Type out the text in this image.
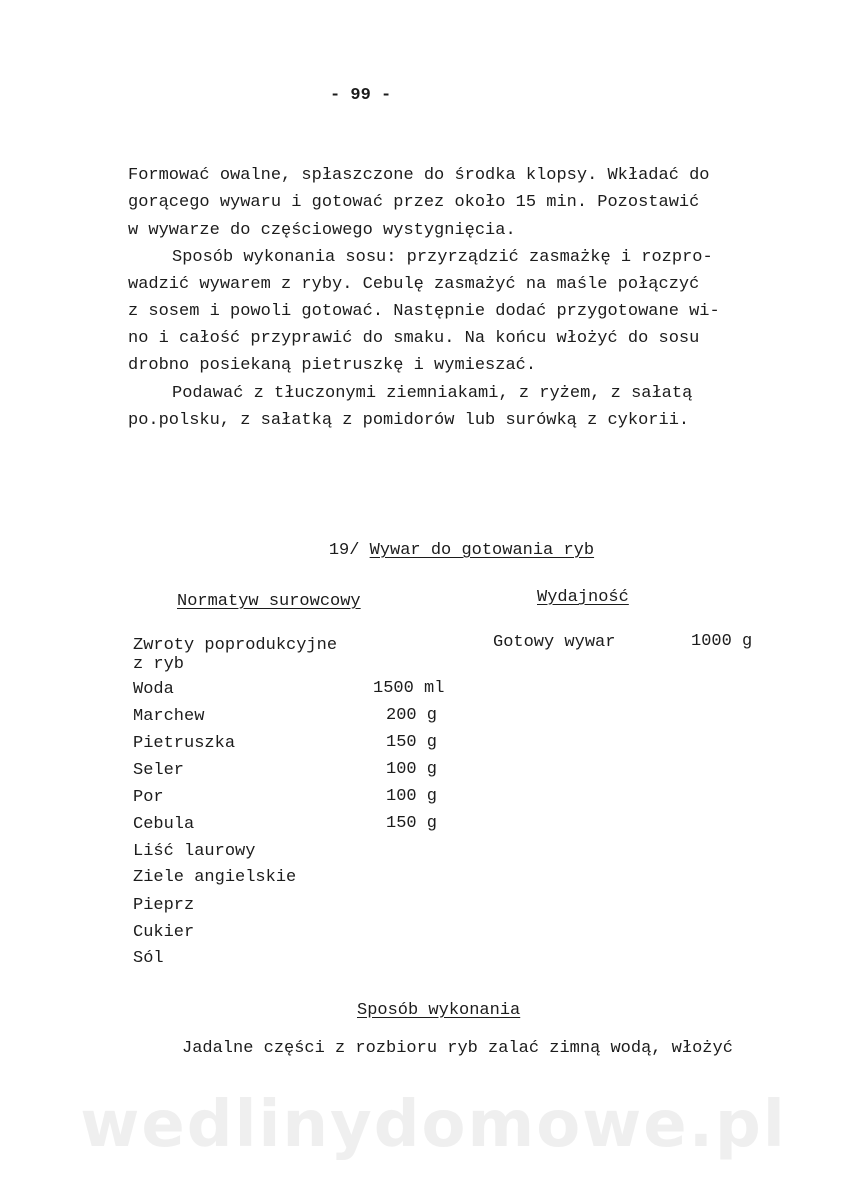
- 99 -
Formować owalne, spłaszczone do środka klopsy. Wkładać do
gorącego wywaru i gotować przez około 15 min. Pozostawić
w wywarze do częściowego wystygnięcia.
Sposób wykonania sosu: przyrządzić zasmażkę i rozpro-
wadzić wywarem z ryby. Cebulę zasmażyć na maśle połączyć
z sosem i powoli gotować. Następnie dodać przygotowane wi-
no i całość przyprawić do smaku. Na końcu włożyć do sosu
drobno posiekaną pietruszkę i wymieszać.
Podawać z tłuczonymi ziemniakami, z ryżem, z sałatą
po.polsku, z sałatką z pomidorów lub surówką z cykorii.

19/ Wywar do gotowania ryb

Normatyw surowcowy	Wydajność
Zwroty poprodukcyjne
z ryb
Gotowy wywar	1000 g
Woda	1500 ml
Marchew	200 g
Pietruszka	150 g
Seler	100 g
Por	100 g
Cebula	150 g
Liść laurowy
Ziele angielskie
Pieprz
Cukier
Sól
Sposób wykonania
Jadalne części z rozbioru ryb zalać zimną wodą, włożyć
wedlinydomowe.pl
